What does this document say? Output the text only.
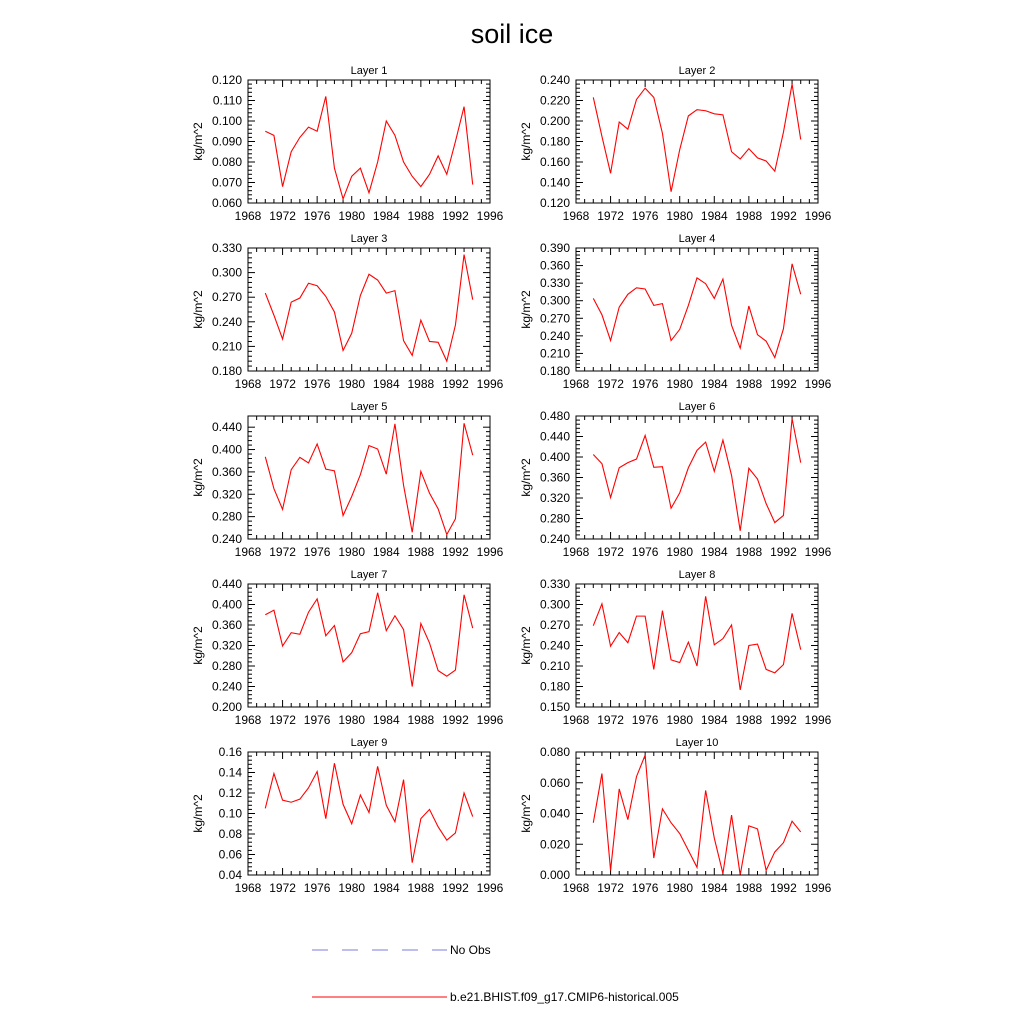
soil ice
Layer 1
kg/m^2
1968 1972 1976 1980 1984 1988 1992 1996
0.060
0.070
0.080
0.090
0.100
0.110
0.120
Layer 2
kg/m^2
1968 1972 1976 1980 1984 1988 1992 1996
0.120
0.140
0.160
0.180
0.200
0.220
0.240
Layer 3
kg/m^2
1968 1972 1976 1980 1984 1988 1992 1996
0.180
0.210
0.240
0.270
0.300
0.330
Layer 4
kg/m^2
1968 1972 1976 1980 1984 1988 1992 1996
0.180
0.210
0.240
0.270
0.300
0.330
0.360
0.390
Layer 5
kg/m^2
1968 1972 1976 1980 1984 1988 1992 1996
0.240
0.280
0.320
0.360
0.400
0.440
Layer 6
kg/m^2
1968 1972 1976 1980 1984 1988 1992 1996
0.240
0.280
0.320
0.360
0.400
0.440
0.480
Layer 7
kg/m^2
1968 1972 1976 1980 1984 1988 1992 1996
0.200
0.240
0.280
0.320
0.360
0.400
0.440
Layer 8
kg/m^2
1968 1972 1976 1980 1984 1988 1992 1996
0.150
0.180
0.210
0.240
0.270
0.300
0.330
Layer 9
kg/m^2
1968 1972 1976 1980 1984 1988 1992 1996
0.04
0.06
0.08
0.10
0.12
0.14
0.16
Layer 10
kg/m^2
1968 1972 1976 1980 1984 1988 1992 1996
0.000
0.020
0.040
0.060
0.080
No Obs
b.e21.BHIST.f09_g17.CMIP6-historical.005
